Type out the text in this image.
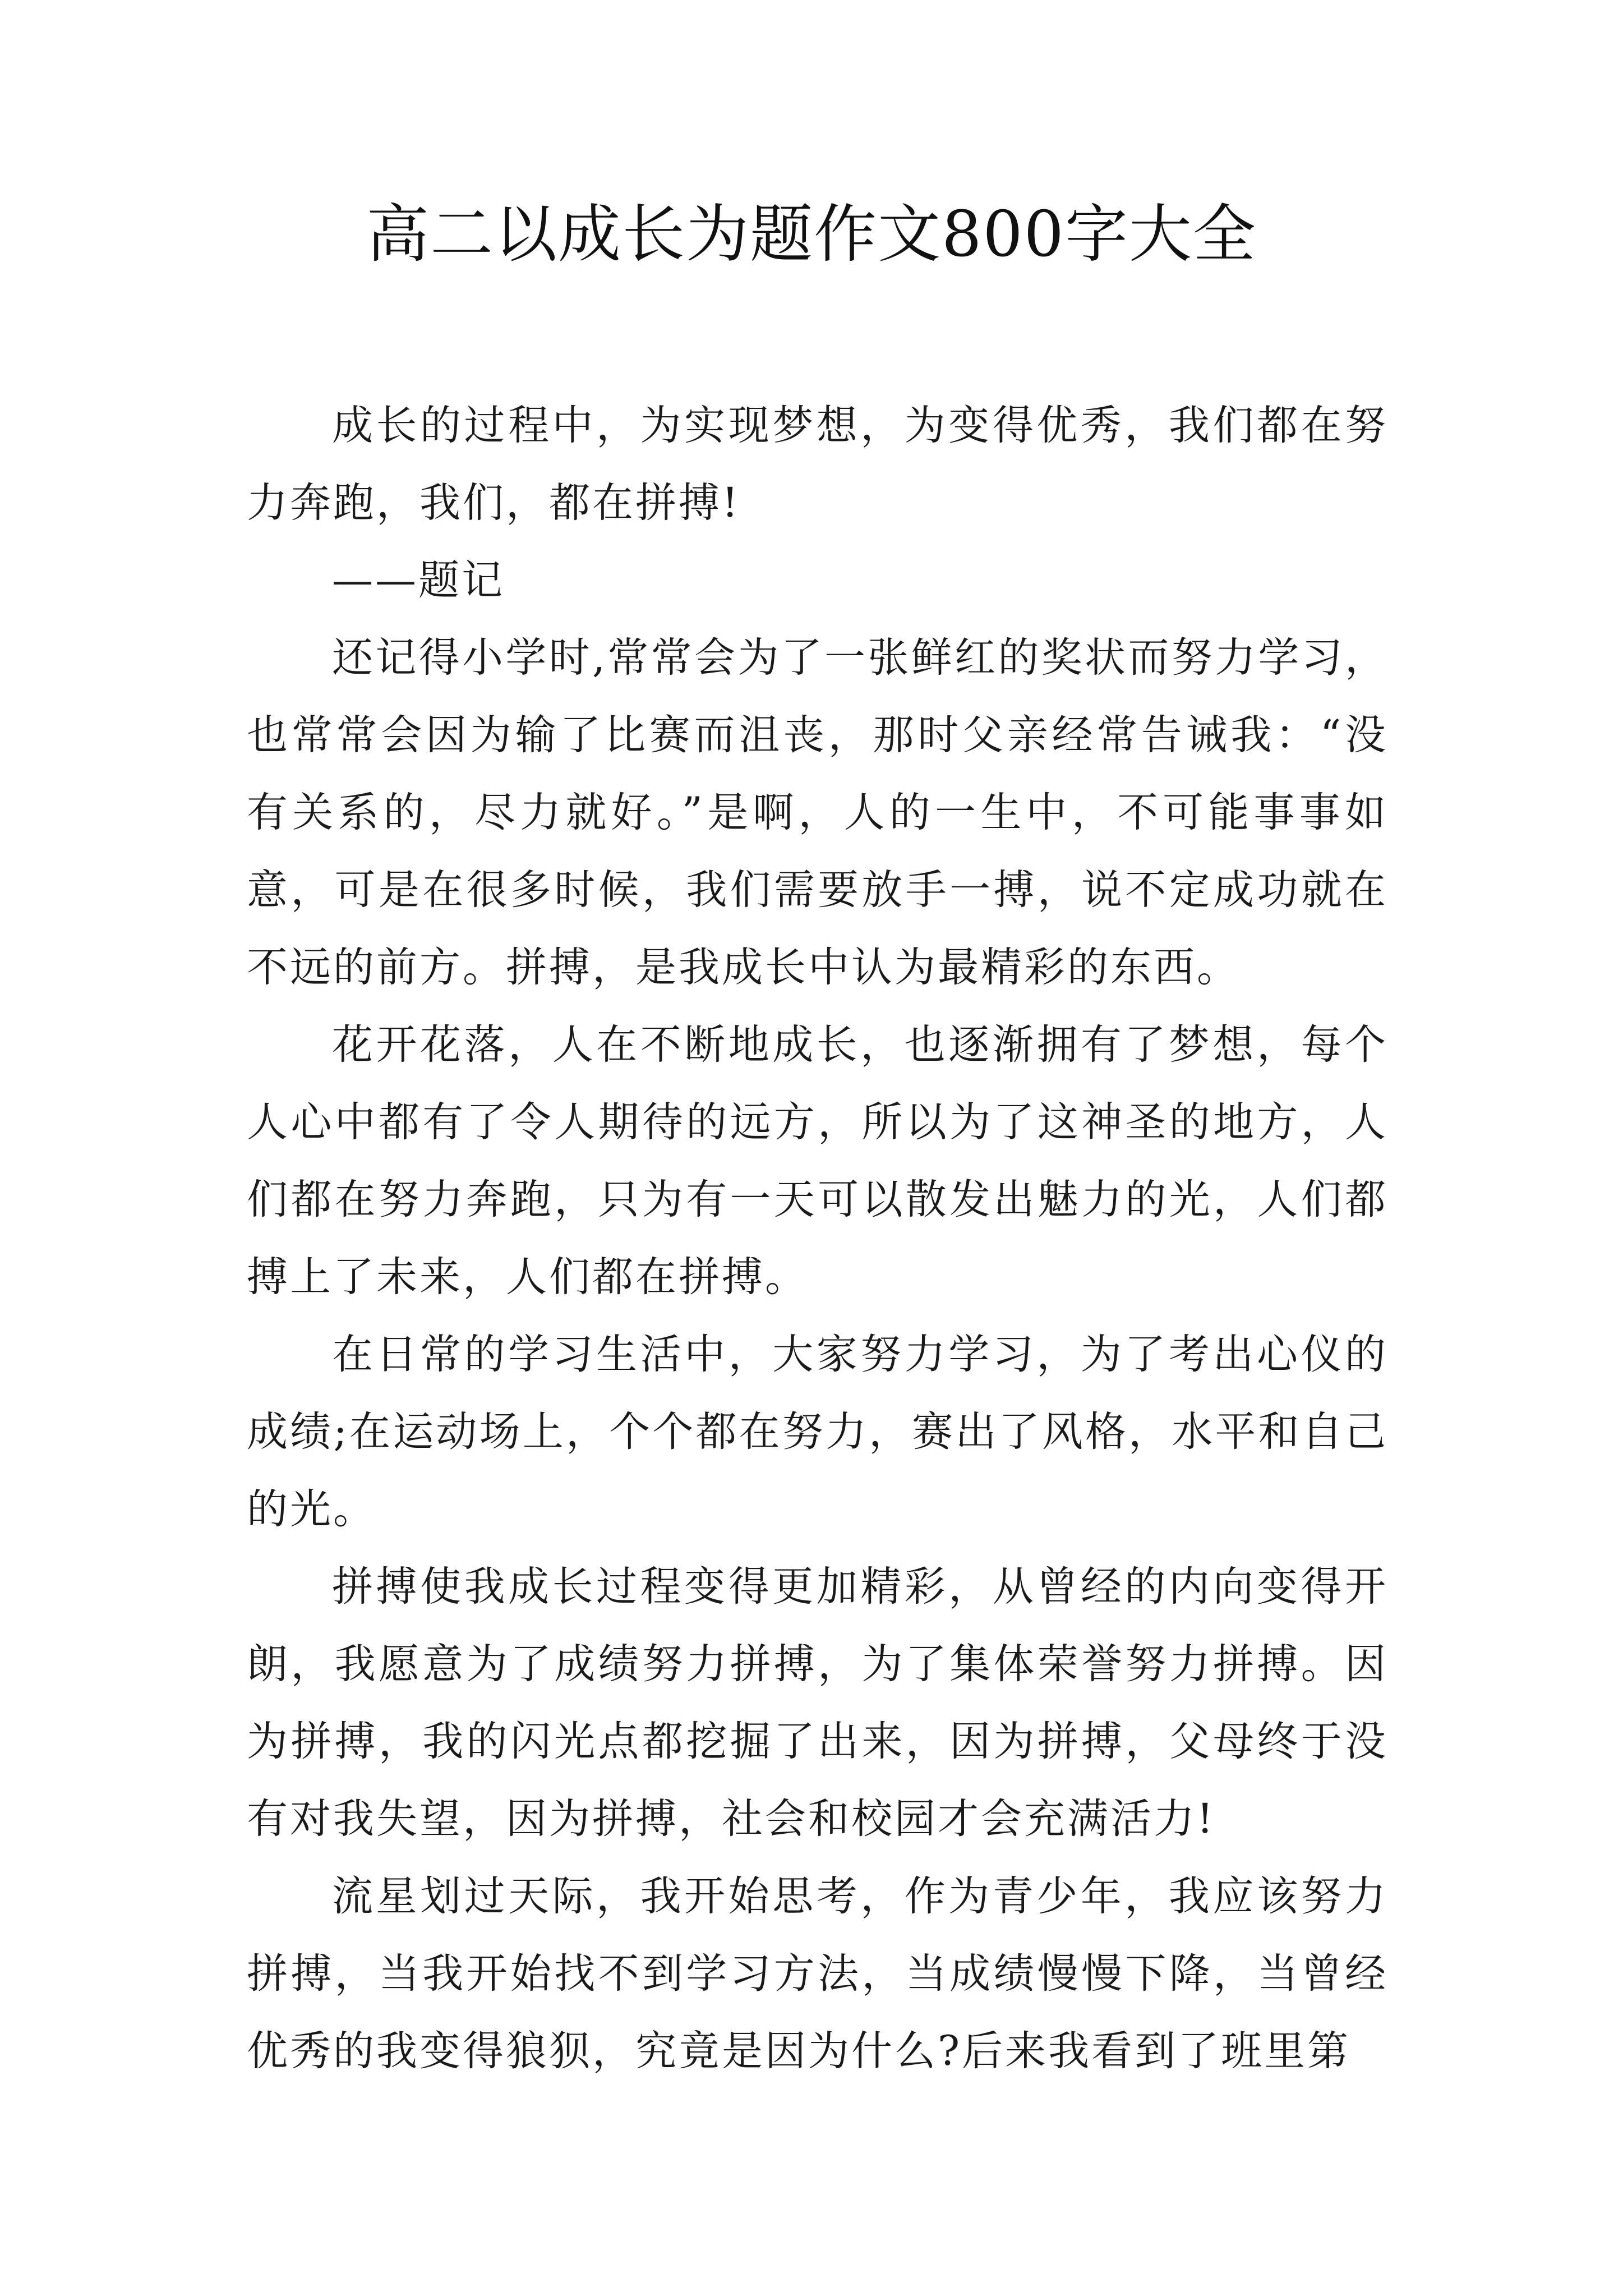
高二以成长为题作文800字大全

成长的过程中，为实现梦想，为变得优秀，我们都在努力奔跑，我们，都在拼搏!

——题记

还记得小学时,常常会为了一张鲜红的奖状而努力学习，也常常会因为输了比赛而沮丧，那时父亲经常告诫我：“没有关系的，尽力就好。”是啊，人的一生中，不可能事事如意，可是在很多时候，我们需要放手一搏，说不定成功就在不远的前方。拼搏，是我成长中认为最精彩的东西。

花开花落，人在不断地成长，也逐渐拥有了梦想，每个人心中都有了令人期待的远方，所以为了这神圣的地方，人们都在努力奔跑，只为有一天可以散发出魅力的光，人们都搏上了未来，人们都在拼搏。

在日常的学习生活中，大家努力学习，为了考出心仪的成绩;在运动场上，个个都在努力，赛出了风格，水平和自己的光。

拼搏使我成长过程变得更加精彩，从曾经的内向变得开朗，我愿意为了成绩努力拼搏，为了集体荣誉努力拼搏。因为拼搏，我的闪光点都挖掘了出来，因为拼搏，父母终于没有对我失望，因为拼搏，社会和校园才会充满活力!

流星划过天际，我开始思考，作为青少年，我应该努力拼搏，当我开始找不到学习方法，当成绩慢慢下降，当曾经优秀的我变得狼狈，究竟是因为什么?后来我看到了班里第
